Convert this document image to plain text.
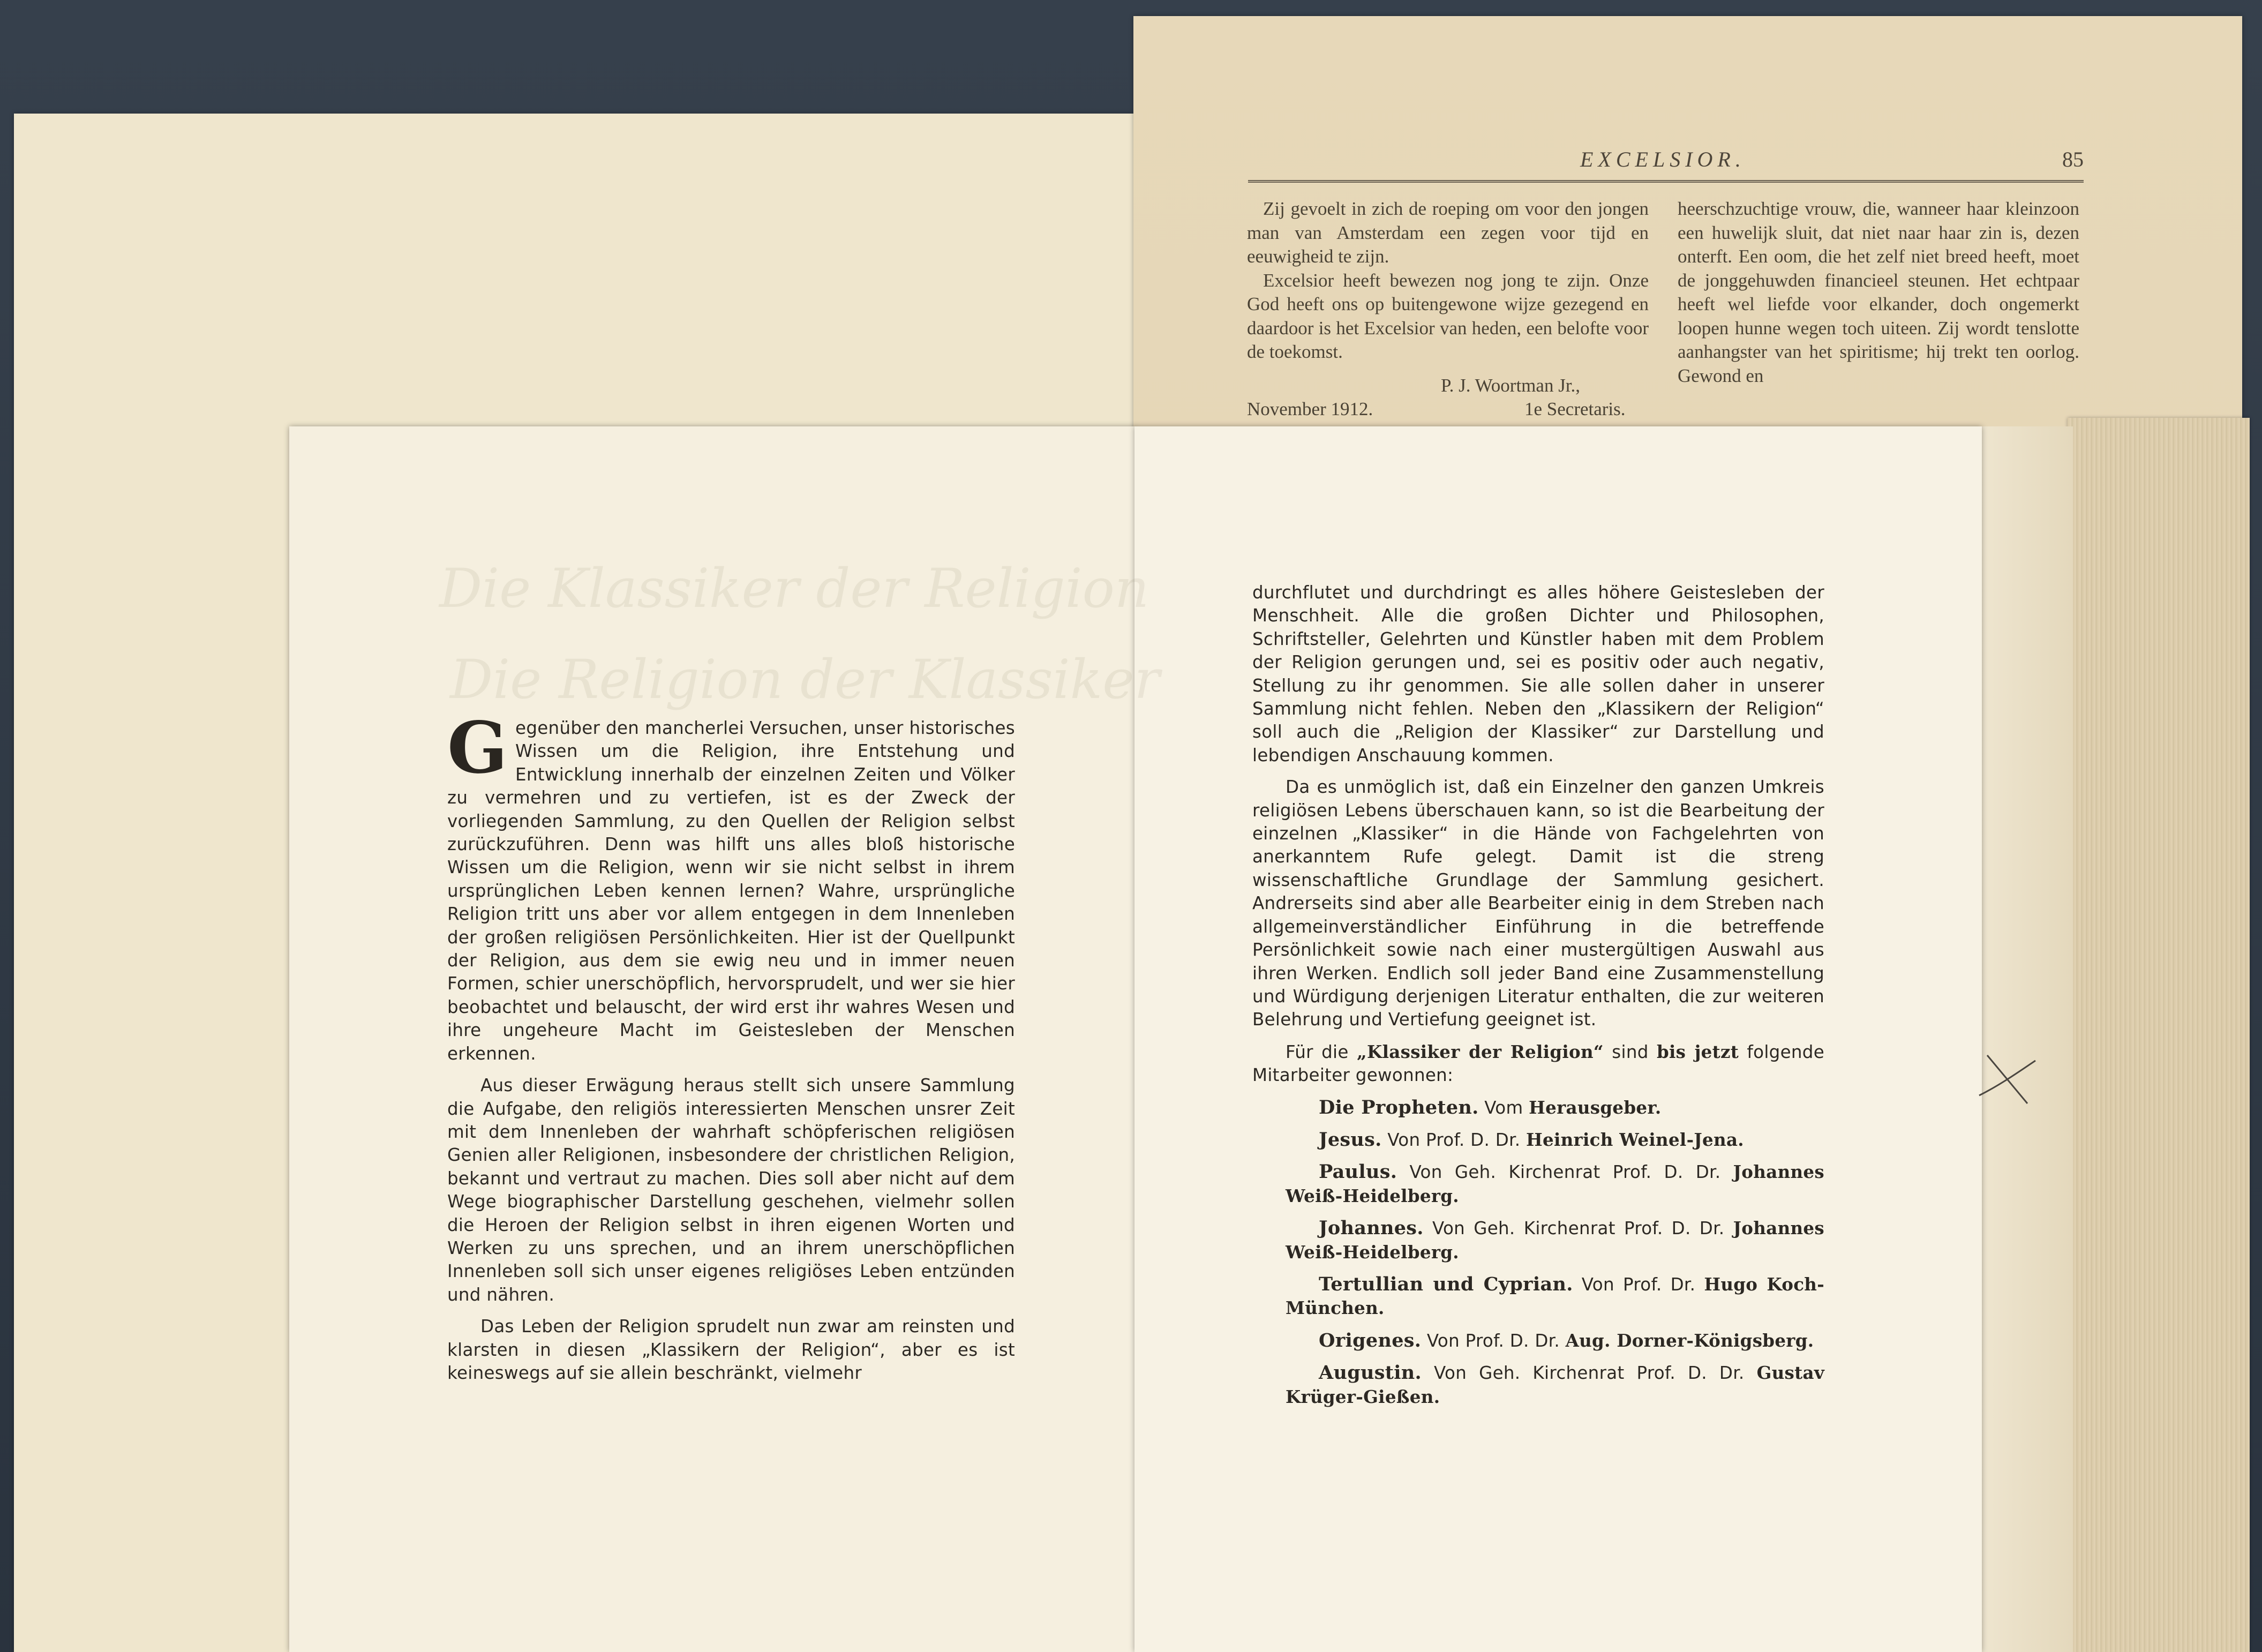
EXCELSIOR.	85

Zij gevoelt in zich de roeping om voor den jongen man van Amsterdam een zegen voor tijd en eeuwigheid te zijn.

Excelsior heeft bewezen nog jong te zijn. Onze God heeft ons op buitengewone wijze gezegend en daardoor is het Excelsior van heden, een belofte voor de toekomst.

P. J. Woortman Jr.,
November 1912.	1e Secretaris.

heerschzuchtige vrouw, die, wanneer haar kleinzoon een huwelijk sluit, dat niet naar haar zin is, dezen onterft. Een oom, die het zelf niet breed heeft, moet de jonggehuwden financieel steunen. Het echtpaar heeft wel liefde voor elkander, doch ongemerkt loopen hunne wegen toch uiteen. Zij wordt tenslotte aanhangster van het spiritisme; hij trekt ten oorlog. Gewond en

Die Klassiker der Religion
Die Religion der Klassiker

Gegenüber den mancherlei Versuchen, unser historisches Wissen um die Religion, ihre Entstehung und Entwicklung innerhalb der einzelnen Zeiten und Völker zu vermehren und zu vertiefen, ist es der Zweck der vorliegenden Sammlung, zu den Quellen der Religion selbst zurückzuführen. Denn was hilft uns alles bloß historische Wissen um die Religion, wenn wir sie nicht selbst in ihrem ursprünglichen Leben kennen lernen? Wahre, ursprüngliche Religion tritt uns aber vor allem entgegen in dem Innenleben der großen religiösen Persönlichkeiten. Hier ist der Quellpunkt der Religion, aus dem sie ewig neu und in immer neuen Formen, schier unerschöpflich, hervorsprudelt, und wer sie hier beobachtet und belauscht, der wird erst ihr wahres Wesen und ihre ungeheure Macht im Geistesleben der Menschen erkennen.

Aus dieser Erwägung heraus stellt sich unsere Sammlung die Aufgabe, den religiös interessierten Menschen unsrer Zeit mit dem Innenleben der wahrhaft schöpferischen religiösen Genien aller Religionen, insbesondere der christlichen Religion, bekannt und vertraut zu machen. Dies soll aber nicht auf dem Wege biographischer Darstellung geschehen, vielmehr sollen die Heroen der Religion selbst in ihren eigenen Worten und Werken zu uns sprechen, und an ihrem unerschöpflichen Innenleben soll sich unser eigenes religiöses Leben entzünden und nähren.

Das Leben der Religion sprudelt nun zwar am reinsten und klarsten in diesen „Klassikern der Religion“, aber es ist keineswegs auf sie allein beschränkt, vielmehr

durchflutet und durchdringt es alles höhere Geistesleben der Menschheit. Alle die großen Dichter und Philosophen, Schriftsteller, Gelehrten und Künstler haben mit dem Problem der Religion gerungen und, sei es positiv oder auch negativ, Stellung zu ihr genommen. Sie alle sollen daher in unserer Sammlung nicht fehlen. Neben den „Klassikern der Religion“ soll auch die „Religion der Klassiker“ zur Darstellung und lebendigen Anschauung kommen.

Da es unmöglich ist, daß ein Einzelner den ganzen Umkreis religiösen Lebens überschauen kann, so ist die Bearbeitung der einzelnen „Klassiker“ in die Hände von Fachgelehrten von anerkanntem Rufe gelegt. Damit ist die streng wissenschaftliche Grundlage der Sammlung gesichert. Andrerseits sind aber alle Bearbeiter einig in dem Streben nach allgemeinverständlicher Einführung in die betreffende Persönlichkeit sowie nach einer mustergültigen Auswahl aus ihren Werken. Endlich soll jeder Band eine Zusammenstellung und Würdigung derjenigen Literatur enthalten, die zur weiteren Belehrung und Vertiefung geeignet ist.

Für die „Klassiker der Religion“ sind bis jetzt folgende Mitarbeiter gewonnen:

Die Propheten. Vom Herausgeber.

Jesus. Von Prof. D. Dr. Heinrich Weinel-Jena.

Paulus. Von Geh. Kirchenrat Prof. D. Dr. Johannes Weiß-Heidelberg.

Johannes. Von Geh. Kirchenrat Prof. D. Dr. Johannes Weiß-Heidelberg.

Tertullian und Cyprian. Von Prof. Dr. Hugo Koch-München.

Origenes. Von Prof. D. Dr. Aug. Dorner-Königsberg.

Augustin. Von Geh. Kirchenrat Prof. D. Dr. Gustav Krüger-Gießen.
